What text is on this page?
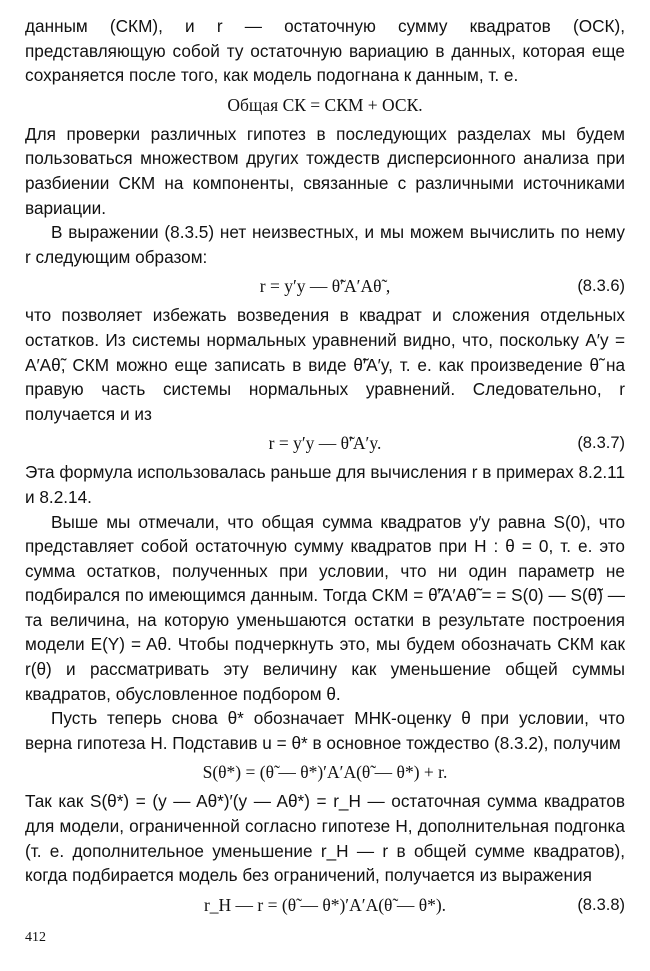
данным (СКМ), и r — остаточную сумму квадратов (ОСК), представляющую собой ту остаточную вариацию в данных, которая еще сохраняется после того, как модель подогнана к данным, т. е.

Общая СК = СКМ + ОСК.

Для проверки различных гипотез в последующих разделах мы будем пользоваться множеством других тождеств дисперсионного анализа при разбиении СКМ на компоненты, связанные с различными источниками вариации.

В выражении (8.3.5) нет неизвестных, и мы можем вычислить по нему r следующим образом:

r = y′y — θ̃′A′Aθ̃ ,	(8.3.6)

что позволяет избежать возведения в квадрат и сложения отдельных остатков. Из системы нормальных уравнений видно, что, поскольку A′y = A′Aθ̃, СКМ можно еще записать в виде θ̃′A′y, т. е. как произведение θ̃ на правую часть системы нормальных уравнений. Следовательно, r получается и из

r = y′y — θ̃′A′y.	(8.3.7)

Эта формула использовалась раньше для вычисления r в примерах 8.2.11 и 8.2.14.

Выше мы отмечали, что общая сумма квадратов y′y равна S(0), что представляет собой остаточную сумму квадратов при H : θ = 0, т. е. это сумма остатков, полученных при условии, что ни один параметр не подбирался по имеющимся данным. Тогда СКМ = θ̃′A′Aθ̃ = = S(0) — S(θ̃) — та величина, на которую уменьшаются остатки в результате построения модели E(Y) = Aθ. Чтобы подчеркнуть это, мы будем обозначать СКМ как r(θ) и рассматривать эту величину как уменьшение общей суммы квадратов, обусловленное подбором θ.

Пусть теперь снова θ* обозначает МНК-оценку θ при условии, что верна гипотеза H. Подставив u = θ* в основное тождество (8.3.2), получим

S(θ*) = (θ̃ — θ*)′A′A(θ̃ — θ*) + r.

Так как S(θ*) = (y — Aθ*)′(y — Aθ*) = r_H — остаточная сумма квадратов для модели, ограниченной согласно гипотезе H, дополнительная подгонка (т. е. дополнительное уменьшение r_H — r в общей сумме квадратов), когда подбирается модель без ограничений, получается из выражения

r_H — r = (θ̃ — θ*)′A′A(θ̃ — θ*).	(8.3.8)
412
